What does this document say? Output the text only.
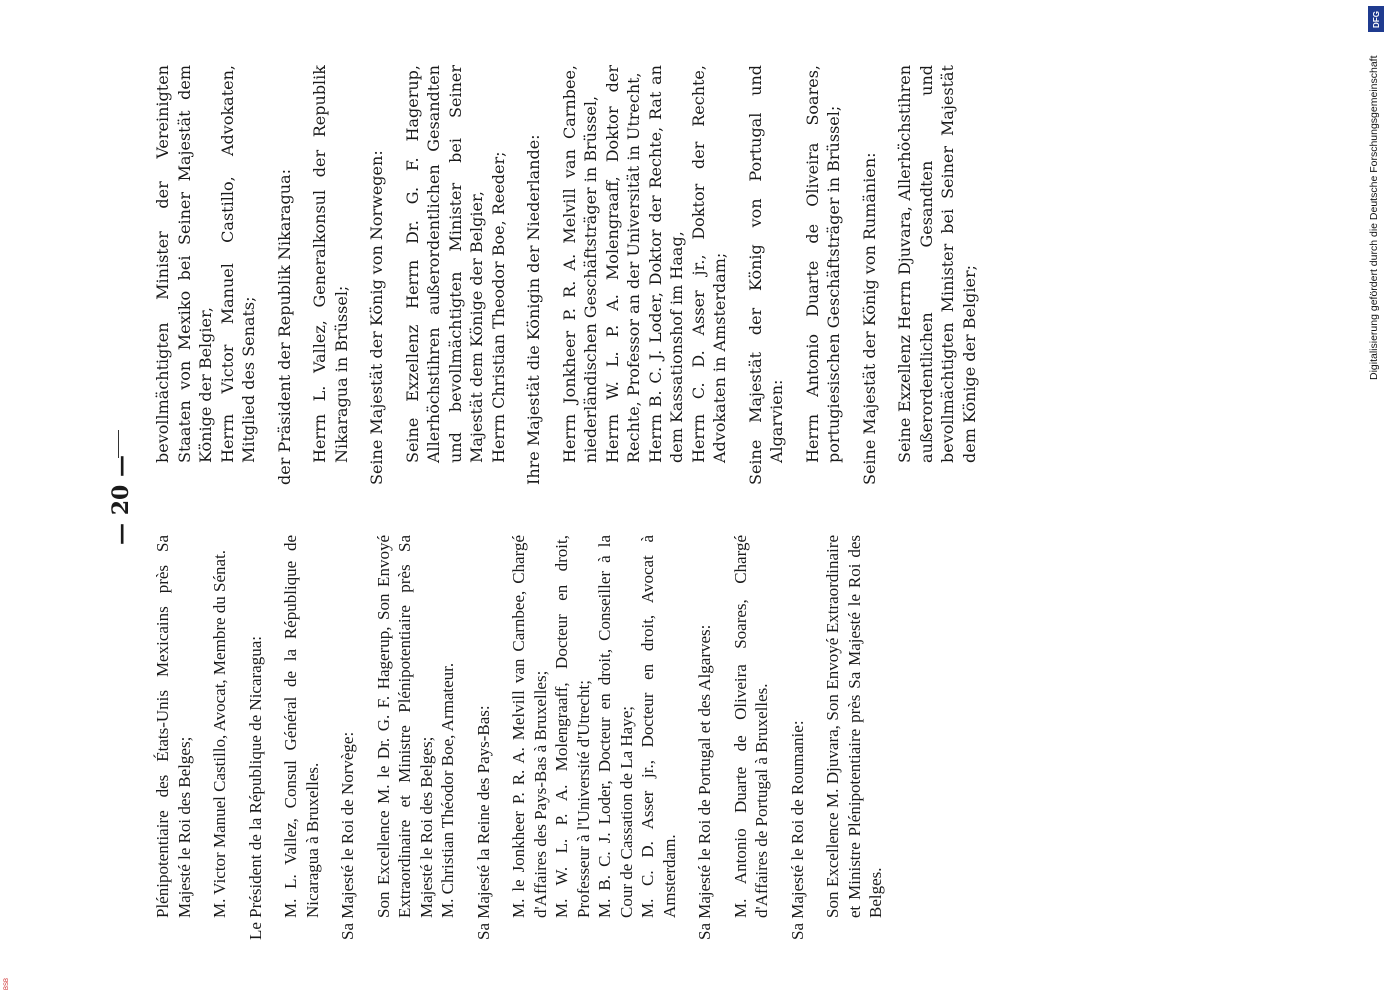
— 20 —
Plénipotentiaire des États-Unis Mexicains près Sa Majesté le Roi des Belges; M. Victor Manuel Castillo, Avocat, Membre du Sénat. Le Président de la République de Nicaragua: M. L. Vallez, Consul Général de la République de Nicaragua à Bruxelles. Sa Majesté le Roi de Norvège: Son Excellence M. le Dr. G. F. Hagerup, Son Envoyé Extraordinaire et Ministre Plénipotentiaire près Sa Majesté le Roi des Belges; M. Christian Théodor Boe, Armateur. Sa Majesté la Reine des Pays-Bas: M. le Jonkheer P. R. A. Melvill van Carnbee, Chargé d'Affaires des Pays-Bas à Bruxelles; M. W. L. P. A. Molengraaff, Docteur en droit, Professeur à l'Université d'Utrecht; M. B. C. J. Loder, Docteur en droit, Conseiller à la Cour de Cassation de La Haye; M. C. D. Asser jr., Docteur en droit, Avocat à Amsterdam. Sa Majesté le Roi de Portugal et des Algarves: M. Antonio Duarte de Oliveira Soares, Chargé d'Affaires de Portugal à Bruxelles. Sa Majesté le Roi de Roumanie: Son Excellence M. Djuvara, Son Envoyé Extraordinaire et Ministre Plénipotentiaire près Sa Majesté le Roi des Belges.
bevollmächtigten Minister der Vereinigten Staaten von Mexiko bei Seiner Majestät dem Könige der Belgier, Herrn Victor Manuel Castillo, Advokaten, Mitglied des Senats; der Präsident der Republik Nikaragua: Herrn L. Vallez, Generalkonsul der Republik Nikaragua in Brüssel; Seine Majestät der König von Norwegen: Seine Exzellenz Herrn Dr. G. F. Hagerup, Allerhöchstihren außerordentlichen Gesandten und bevollmächtigten Minister bei Seiner Majestät dem Könige der Belgier, Herrn Christian Theodor Boe, Reeder; Ihre Majestät die Königin der Niederlande: Herrn Jonkheer P. R. A. Melvill van Carnbee, niederländischen Geschäftsträger in Brüssel, Herrn W. L. P. A. Molengraaff, Doktor der Rechte, Professor an der Universität in Utrecht, Herrn B. C. J. Loder, Doktor der Rechte, Rat an dem Kassationshof im Haag, Herrn C. D. Asser jr., Doktor der Rechte, Advokaten in Amsterdam; Seine Majestät der König von Portugal und Algarvien: Herrn Antonio Duarte de Oliveira Soares, portugiesischen Geschäftsträger in Brüssel; Seine Majestät der König von Rumänien: Seine Exzellenz Herrn Djuvara, Allerhöchstihren außerordentlichen Gesandten und bevollmächtigten Minister bei Seiner Majestät dem Könige der Belgier;
DFG
Digitalisierung gefördert durch die Deutsche Forschungsgemeinschaft
BSB
